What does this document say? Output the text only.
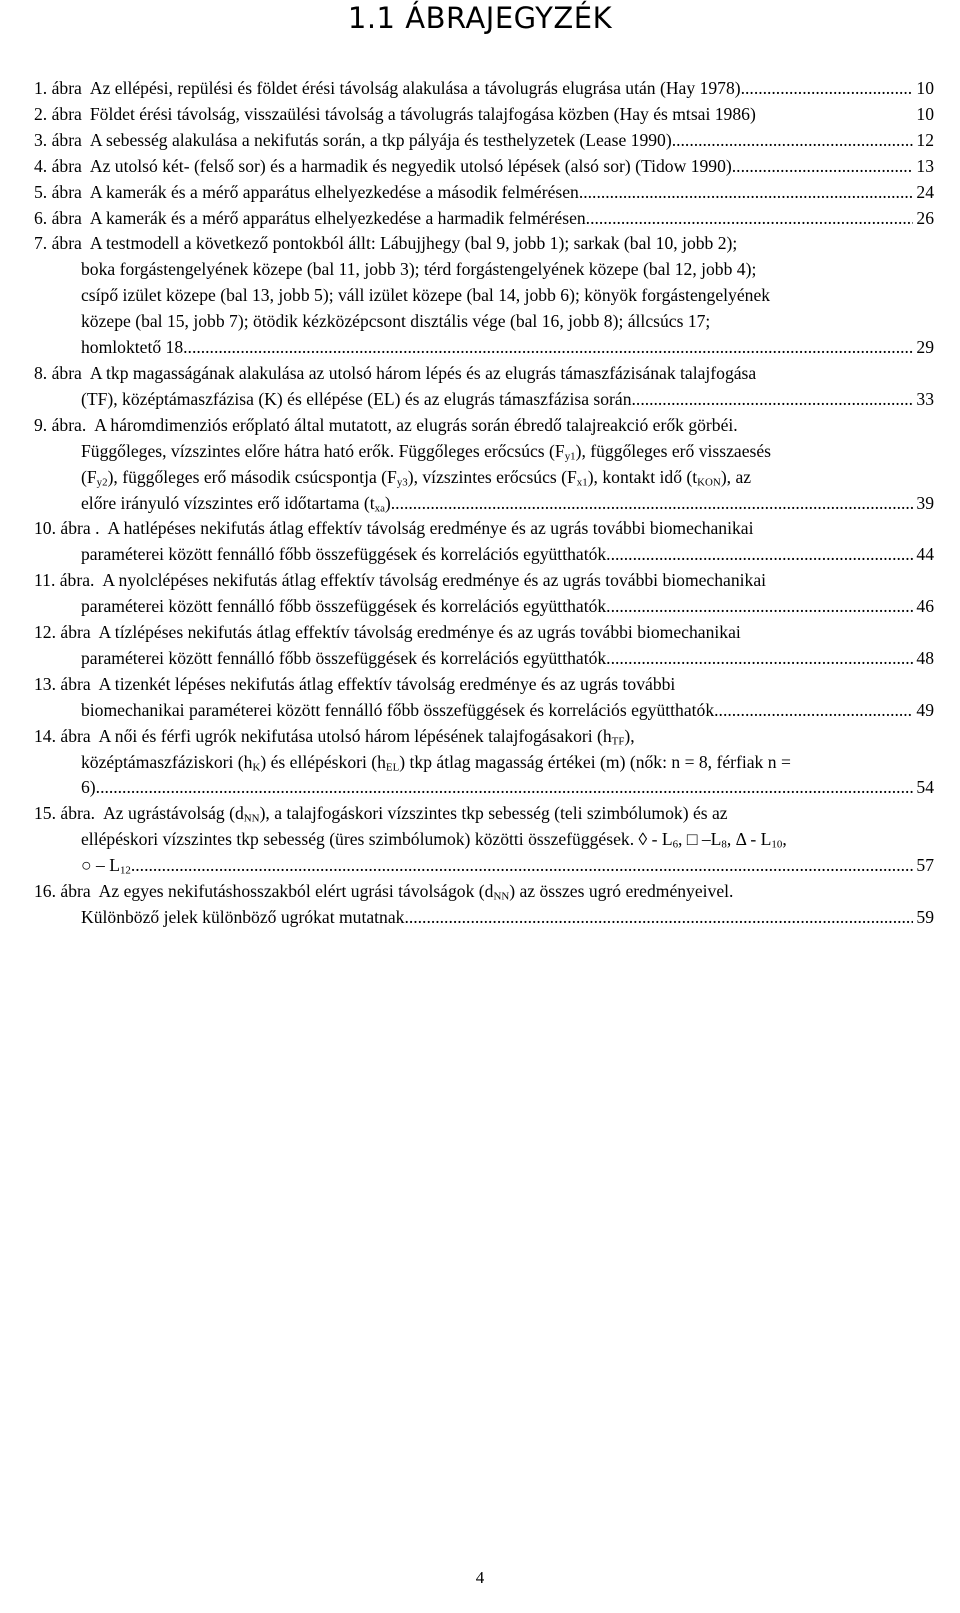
1.1 ÁBRAJEGYZÉK
1. ábra Az ellépési, repülési és földet érési távolság alakulása a távolugrás elugrása után (Hay 1978). .....	10
2. ábra Földet érési távolság, visszaülési távolság a távolugrás talajfogása közben (Hay és mtsai 1986)	10
3. ábra A sebesség alakulása a nekifutás során, a tkp pályája és testhelyzetek (Lease 1990) .....	12
4. ábra Az utolsó két- (felső sor) és a harmadik és negyedik utolsó lépések (alsó sor) (Tidow 1990) .....	13
5. ábra A kamerák és a mérő apparátus elhelyezkedése a második felmérésen .....	24
6. ábra A kamerák és a mérő apparátus elhelyezkedése a harmadik felmérésen. .....	26
7. ábra A testmodell a következő pontokból állt: Lábujjhegy (bal 9, jobb 1); sarkak (bal 10, jobb 2);
boka forgástengelyének közepe (bal 11, jobb 3); térd forgástengelyének közepe (bal 12, jobb 4);
csípő izület közepe (bal 13, jobb 5); váll izület közepe (bal 14, jobb 6); könyök forgástengelyének
közepe (bal 15, jobb 7); ötödik kézközépcsont disztális vége (bal 16, jobb 8); állcsúcs 17;
homloktető 18. .....	29
8. ábra A tkp magasságának alakulása az utolsó három lépés és az elugrás támaszfázisának talajfogása
(TF), középtámaszfázisa (K) és ellépése (EL) és az elugrás támaszfázisa során .....	33
9. ábra. A háromdimenziós erőplató által mutatott, az elugrás során ébredő talajreakció erők görbéi.
Függőleges, vízszintes előre hátra ható erők. Függőleges erőcsúcs $(F_{y1})$, függőleges erő visszaesés
$(F_{y2})$, függőleges erő második csúcspontja $(F_{y3})$, vízszintes erőcsúcs $(F_{x1})$, kontakt idő $(t_{KON})$, az
előre irányuló vízszintes erő időtartama $(t_{xa})$. .....	39
10. ábra . A hatlépéses nekifutás átlag effektív távolság eredménye és az ugrás további biomechanikai
paraméterei között fennálló főbb összefüggések és korrelációs együtthatók. .....	44
11. ábra. A nyolclépéses nekifutás átlag effektív távolság eredménye és az ugrás további biomechanikai
paraméterei között fennálló főbb összefüggések és korrelációs együtthatók. .....	46
12. ábra A tízlépéses nekifutás átlag effektív távolság eredménye és az ugrás további biomechanikai
paraméterei között fennálló főbb összefüggések és korrelációs együtthatók. .....	48
13. ábra A tizenkét lépéses nekifutás átlag effektív távolság eredménye és az ugrás további
biomechanikai paraméterei között fennálló főbb összefüggések és korrelációs együtthatók. .....	49
14. ábra A női és férfi ugrók nekifutása utolsó három lépésének talajfogásakori $(h_{TF})$,
középtámaszfáziskori $(h_K)$ és ellépéskori $(h_{EL})$ tkp átlag magasság értékei (m) (nők: n = 8, férfiak n =
6). .....	54
15. ábra. Az ugrástávolság $(d_{NN})$, a talajfogáskori vízszintes tkp sebesség (teli szimbólumok) és az
ellépéskori vízszintes tkp sebesség (üres szimbólumok) közötti összefüggések. ◊ - $L_6$, □ $-L_8$, Δ - $L_{10}$,
○ – $L_{12}$ .....	57
16. ábra Az egyes nekifutáshosszakból elért ugrási távolságok $(d_{NN})$ az összes ugró eredményeivel.
Különböző jelek különböző ugrókat mutatnak. .....	59
4
